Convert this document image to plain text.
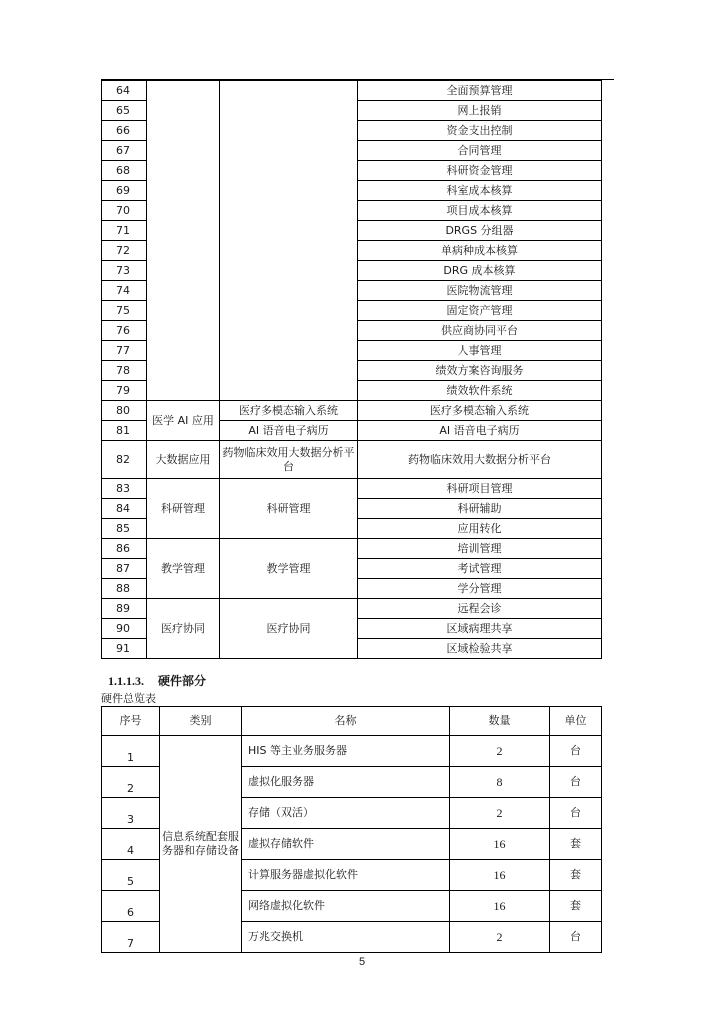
64			全面预算管理
65			网上报销
66			资金支出控制
67			合同管理
68			科研资金管理
69			科室成本核算
70			项目成本核算
71			DRGS 分组器
72			单病种成本核算
73			DRG 成本核算
74			医院物流管理
75			固定资产管理
76			供应商协同平台
77			人事管理
78			绩效方案咨询服务
79			绩效软件系统
80	医学 AI 应用	医疗多模态输入系统	医疗多模态输入系统
81		AI 语音电子病历	AI 语音电子病历
82	大数据应用	药物临床效用大数据分析平台	药物临床效用大数据分析平台
83	科研管理	科研管理	科研项目管理
84			科研辅助
85			应用转化
86	教学管理	教学管理	培训管理
87			考试管理
88			学分管理
89	医疗协同	医疗协同	远程会诊
90			区域病理共享
91			区域检验共享
1.1.1.3. 硬件部分
硬件总览表
序号	类别	名称	数量	单位
1	信息系统配套服务器和存储设备	HIS 等主业务服务器	2	台
2		虚拟化服务器	8	台
3		存储（双活）	2	台
4		虚拟存储软件	16	套
5		计算服务器虚拟化软件	16	套
6		网络虚拟化软件	16	套
7		万兆交换机	2	台
5
